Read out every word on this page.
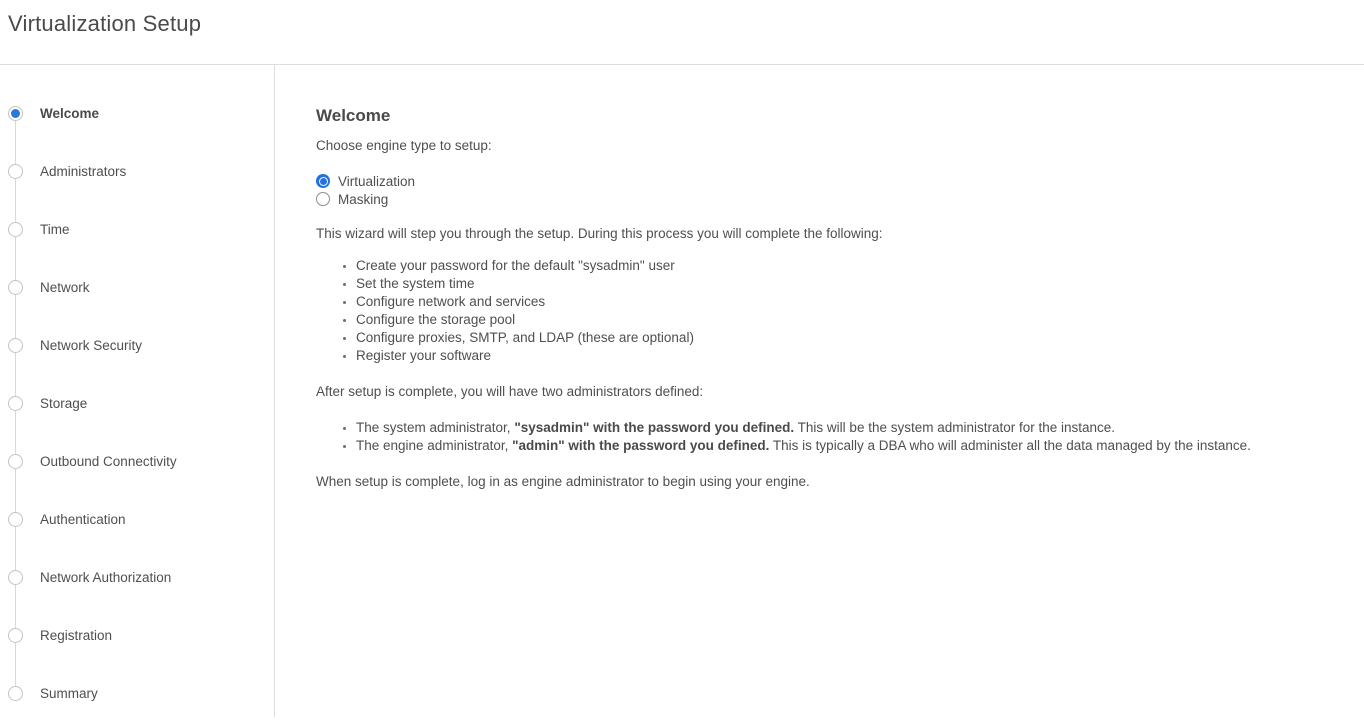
Virtualization Setup
Welcome
Administrators
Time
Network
Network Security
Storage
Outbound Connectivity
Authentication
Network Authorization
Registration
Summary
Welcome

Choose engine type to setup:

Virtualization
Masking

This wizard will step you through the setup. During this process you will complete the following:

Create your password for the default "sysadmin" user
Set the system time
Configure network and services
Configure the storage pool
Configure proxies, SMTP, and LDAP (these are optional)
Register your software

After setup is complete, you will have two administrators defined:

The system administrator, "sysadmin" with the password you defined. This will be the system administrator for the instance.
The engine administrator, "admin" with the password you defined. This is typically a DBA who will administer all the data managed by the instance.

When setup is complete, log in as engine administrator to begin using your engine.
